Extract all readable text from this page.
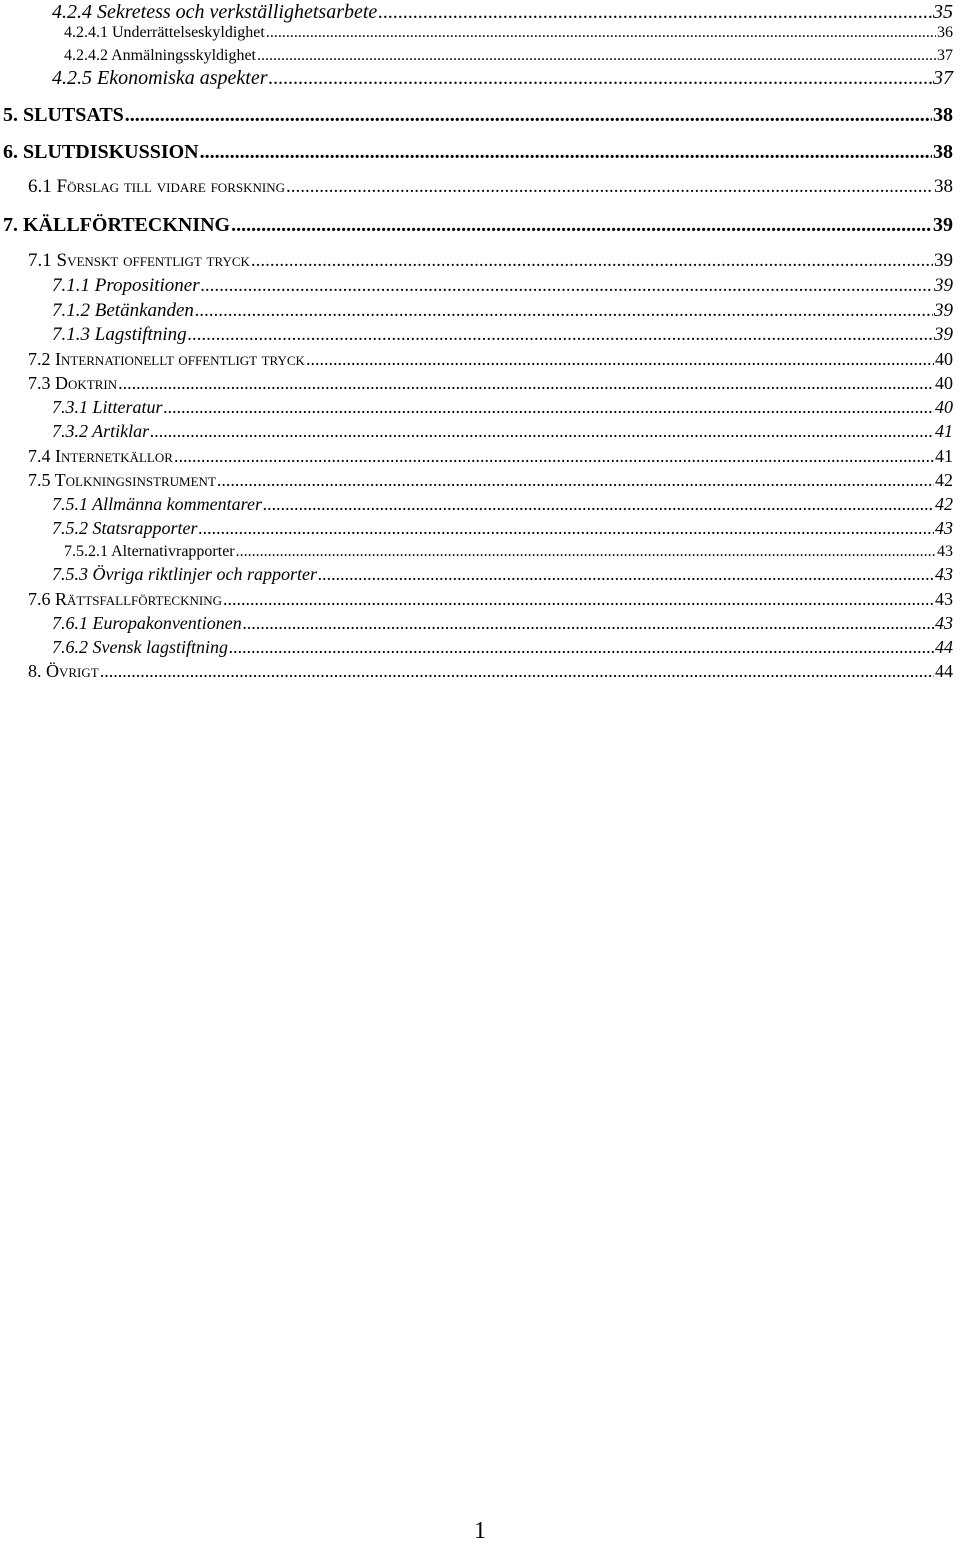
4.2.4 Sekretess och verkställighetsarbete .....	35
4.2.4.1 Underrättelseskyldighet .....	36
4.2.4.2 Anmälningsskyldighet .....	37
4.2.5 Ekonomiska aspekter .....	37
5. SLUTSATS .....	38
6. SLUTDISKUSSION .....	38
6.1 Förslag till vidare forskning .....	38
7. KÄLLFÖRTECKNING .....	39
7.1 Svenskt offentligt tryck .....	39
7.1.1 Propositioner .....	39
7.1.2 Betänkanden .....	39
7.1.3 Lagstiftning .....	39
7.2 Internationellt offentligt tryck .....	40
7.3 Doktrin .....	40
7.3.1 Litteratur .....	40
7.3.2 Artiklar .....	41
7.4 Internetkällor .....	41
7.5 Tolkningsinstrument .....	42
7.5.1 Allmänna kommentarer .....	42
7.5.2 Statsrapporter .....	43
7.5.2.1 Alternativrapporter .....	43
7.5.3 Övriga riktlinjer och rapporter .....	43
7.6 Rättsfallförteckning .....	43
7.6.1 Europakonventionen .....	43
7.6.2 Svensk lagstiftning .....	44
8. Övrigt .....	44
1
